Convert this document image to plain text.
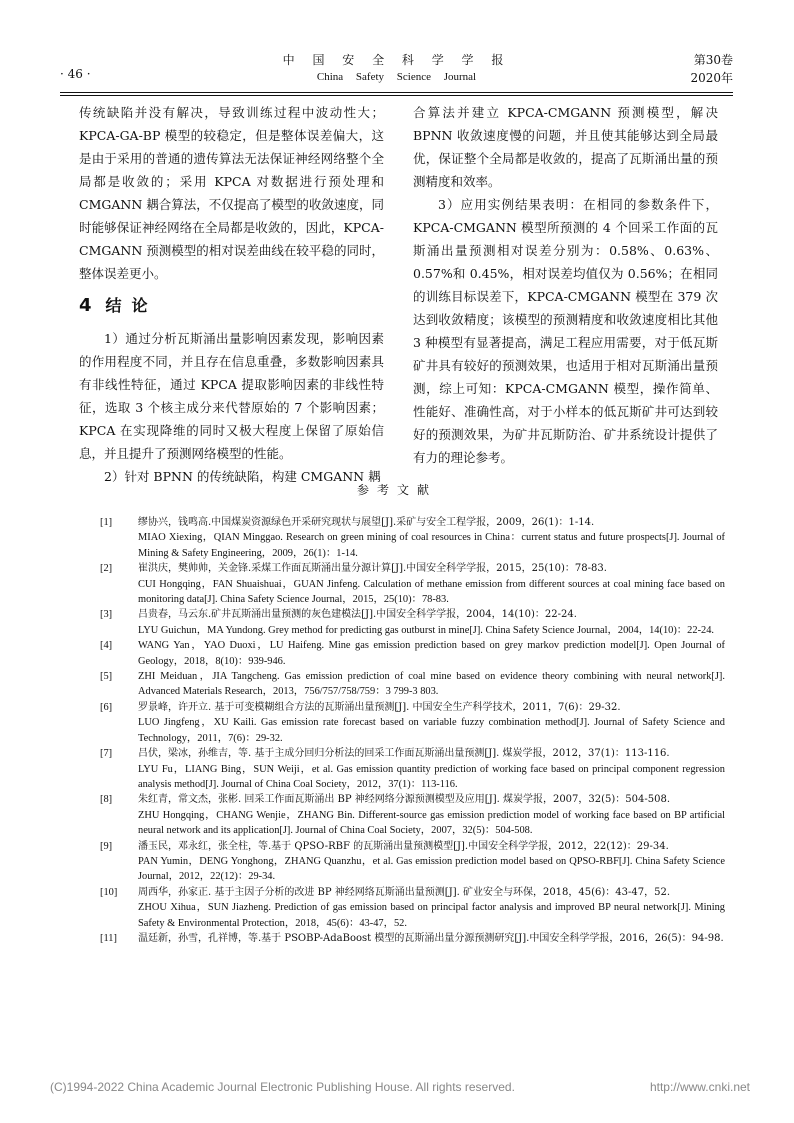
· 46 ·
中 国 安 全 科 学 学 报
China Safety Science Journal
第30卷
2020年

传统缺陷并没有解决，导致训练过程中波动性大；KPCA-GA-BP 模型的较稳定，但是整体误差偏大，这是由于采用的普通的遗传算法无法保证神经网络整个全局都是收敛的；采用 KPCA 对数据进行预处理和 CMGANN 耦合算法，不仅提高了模型的收敛速度，同时能够保证神经网络在全局都是收敛的，因此，KPCA-CMGANN 预测模型的相对误差曲线在较平稳的同时，整体误差更小。

4 结论

1）通过分析瓦斯涌出量影响因素发现，影响因素的作用程度不同，并且存在信息重叠，多数影响因素具有非线性特征，通过 KPCA 提取影响因素的非线性特征，选取 3 个核主成分来代替原始的 7 个影响因素；KPCA 在实现降维的同时又极大程度上保留了原始信息，并且提升了预测网络模型的性能。

2）针对 BPNN 的传统缺陷，构建 CMGANN 耦

合算法并建立 KPCA-CMGANN 预测模型，解决 BPNN 收敛速度慢的问题，并且使其能够达到全局最优，保证整个全局都是收敛的，提高了瓦斯涌出量的预测精度和效率。

3）应用实例结果表明：在相同的参数条件下，KPCA-CMGANN 模型所预测的 4 个回采工作面的瓦斯涌出量预测相对误差分别为：0.58%、0.63%、0.57%和 0.45%，相对误差均值仅为 0.56%；在相同的训练目标误差下，KPCA-CMGANN 模型在 379 次达到收敛精度；该模型的预测精度和收敛速度相比其他 3 种模型有显著提高，满足工程应用需要，对于低瓦斯矿井具有较好的预测效果，也适用于相对瓦斯涌出量预测，综上可知：KPCA-CMGANN 模型，操作简单、性能好、准确性高，对于小样本的低瓦斯矿井可达到较好的预测效果，为矿井瓦斯防治、矿井系统设计提供了有力的理论参考。

参考文献
[1]	缪协兴，钱鸣高.中国煤炭资源绿色开采研究现状与展望[J].采矿与安全工程学报，2009，26(1)：1-14.
MIAO Xiexing，QIAN Minggao. Research on green mining of coal resources in China：current status and future prospects[J]. Journal of Mining & Safety Engineering，2009，26(1)：1-14.
[2]	崔洪庆，樊帅帅，关金锋.采煤工作面瓦斯涌出量分源计算[J].中国安全科学学报，2015，25(10)：78-83.
CUI Hongqing，FAN Shuaishuai，GUAN Jinfeng. Calculation of methane emission from different sources at coal mining face based on monitoring data[J]. China Safety Science Journal，2015，25(10)：78-83.
[3]	吕贵春，马云东.矿井瓦斯涌出量预测的灰色建模法[J].中国安全科学学报，2004，14(10)：22-24.
LYU Guichun，MA Yundong. Grey method for predicting gas outburst in mine[J]. China Safety Science Journal，2004，14(10)：22-24.
[4]	WANG Yan，YAO Duoxi，LU Haifeng. Mine gas emission prediction based on grey markov prediction model[J]. Open Journal of Geology，2018，8(10)：939-946.
[5]	ZHI Meiduan，JIA Tangcheng. Gas emission prediction of coal mine based on evidence theory combining with neural network[J]. Advanced Materials Research，2013，756/757/758/759：3 799-3 803.
[6]	罗景峰，许开立. 基于可变模糊组合方法的瓦斯涌出量预测[J]. 中国安全生产科学技术，2011，7(6)：29-32.
LUO Jingfeng，XU Kaili. Gas emission rate forecast based on variable fuzzy combination method[J]. Journal of Safety Science and Technology，2011，7(6)：29-32.
[7]	吕伏，梁冰，孙维吉，等. 基于主成分回归分析法的回采工作面瓦斯涌出量预测[J]. 煤炭学报，2012，37(1)：113-116.
LYU Fu，LIANG Bing，SUN Weiji，et al. Gas emission quantity prediction of working face based on principal component regression analysis method[J]. Journal of China Coal Society，2012，37(1)：113-116.
[8]	朱红青，常文杰，张彬. 回采工作面瓦斯涌出 BP 神经网络分源预测模型及应用[J]. 煤炭学报，2007，32(5)：504-508.
ZHU Hongqing，CHANG Wenjie，ZHANG Bin. Different-source gas emission prediction model of working face based on BP artificial neural network and its application[J]. Journal of China Coal Society，2007，32(5)：504-508.
[9]	潘玉民，邓永红，张全柱，等.基于 QPSO-RBF 的瓦斯涌出量预测模型[J].中国安全科学学报，2012，22(12)：29-34.
PAN Yumin，DENG Yonghong，ZHANG Quanzhu，et al. Gas emission prediction model based on QPSO-RBF[J]. China Safety Science Journal，2012，22(12)：29-34.
[10]	周西华，孙家正. 基于主因子分析的改进 BP 神经网络瓦斯涌出量预测[J]. 矿业安全与环保，2018，45(6)：43-47，52.
ZHOU Xihua，SUN Jiazheng. Prediction of gas emission based on principal factor analysis and improved BP neural network[J]. Mining Safety & Environmental Protection，2018，45(6)：43-47，52.
[11]	温廷新，孙雪，孔祥博，等.基于 PSOBP-AdaBoost 模型的瓦斯涌出量分源预测研究[J].中国安全科学学报，2016，26(5)：94-98.
(C)1994-2022 China Academic Journal Electronic Publishing House. All rights reserved.	http://www.cnki.net
